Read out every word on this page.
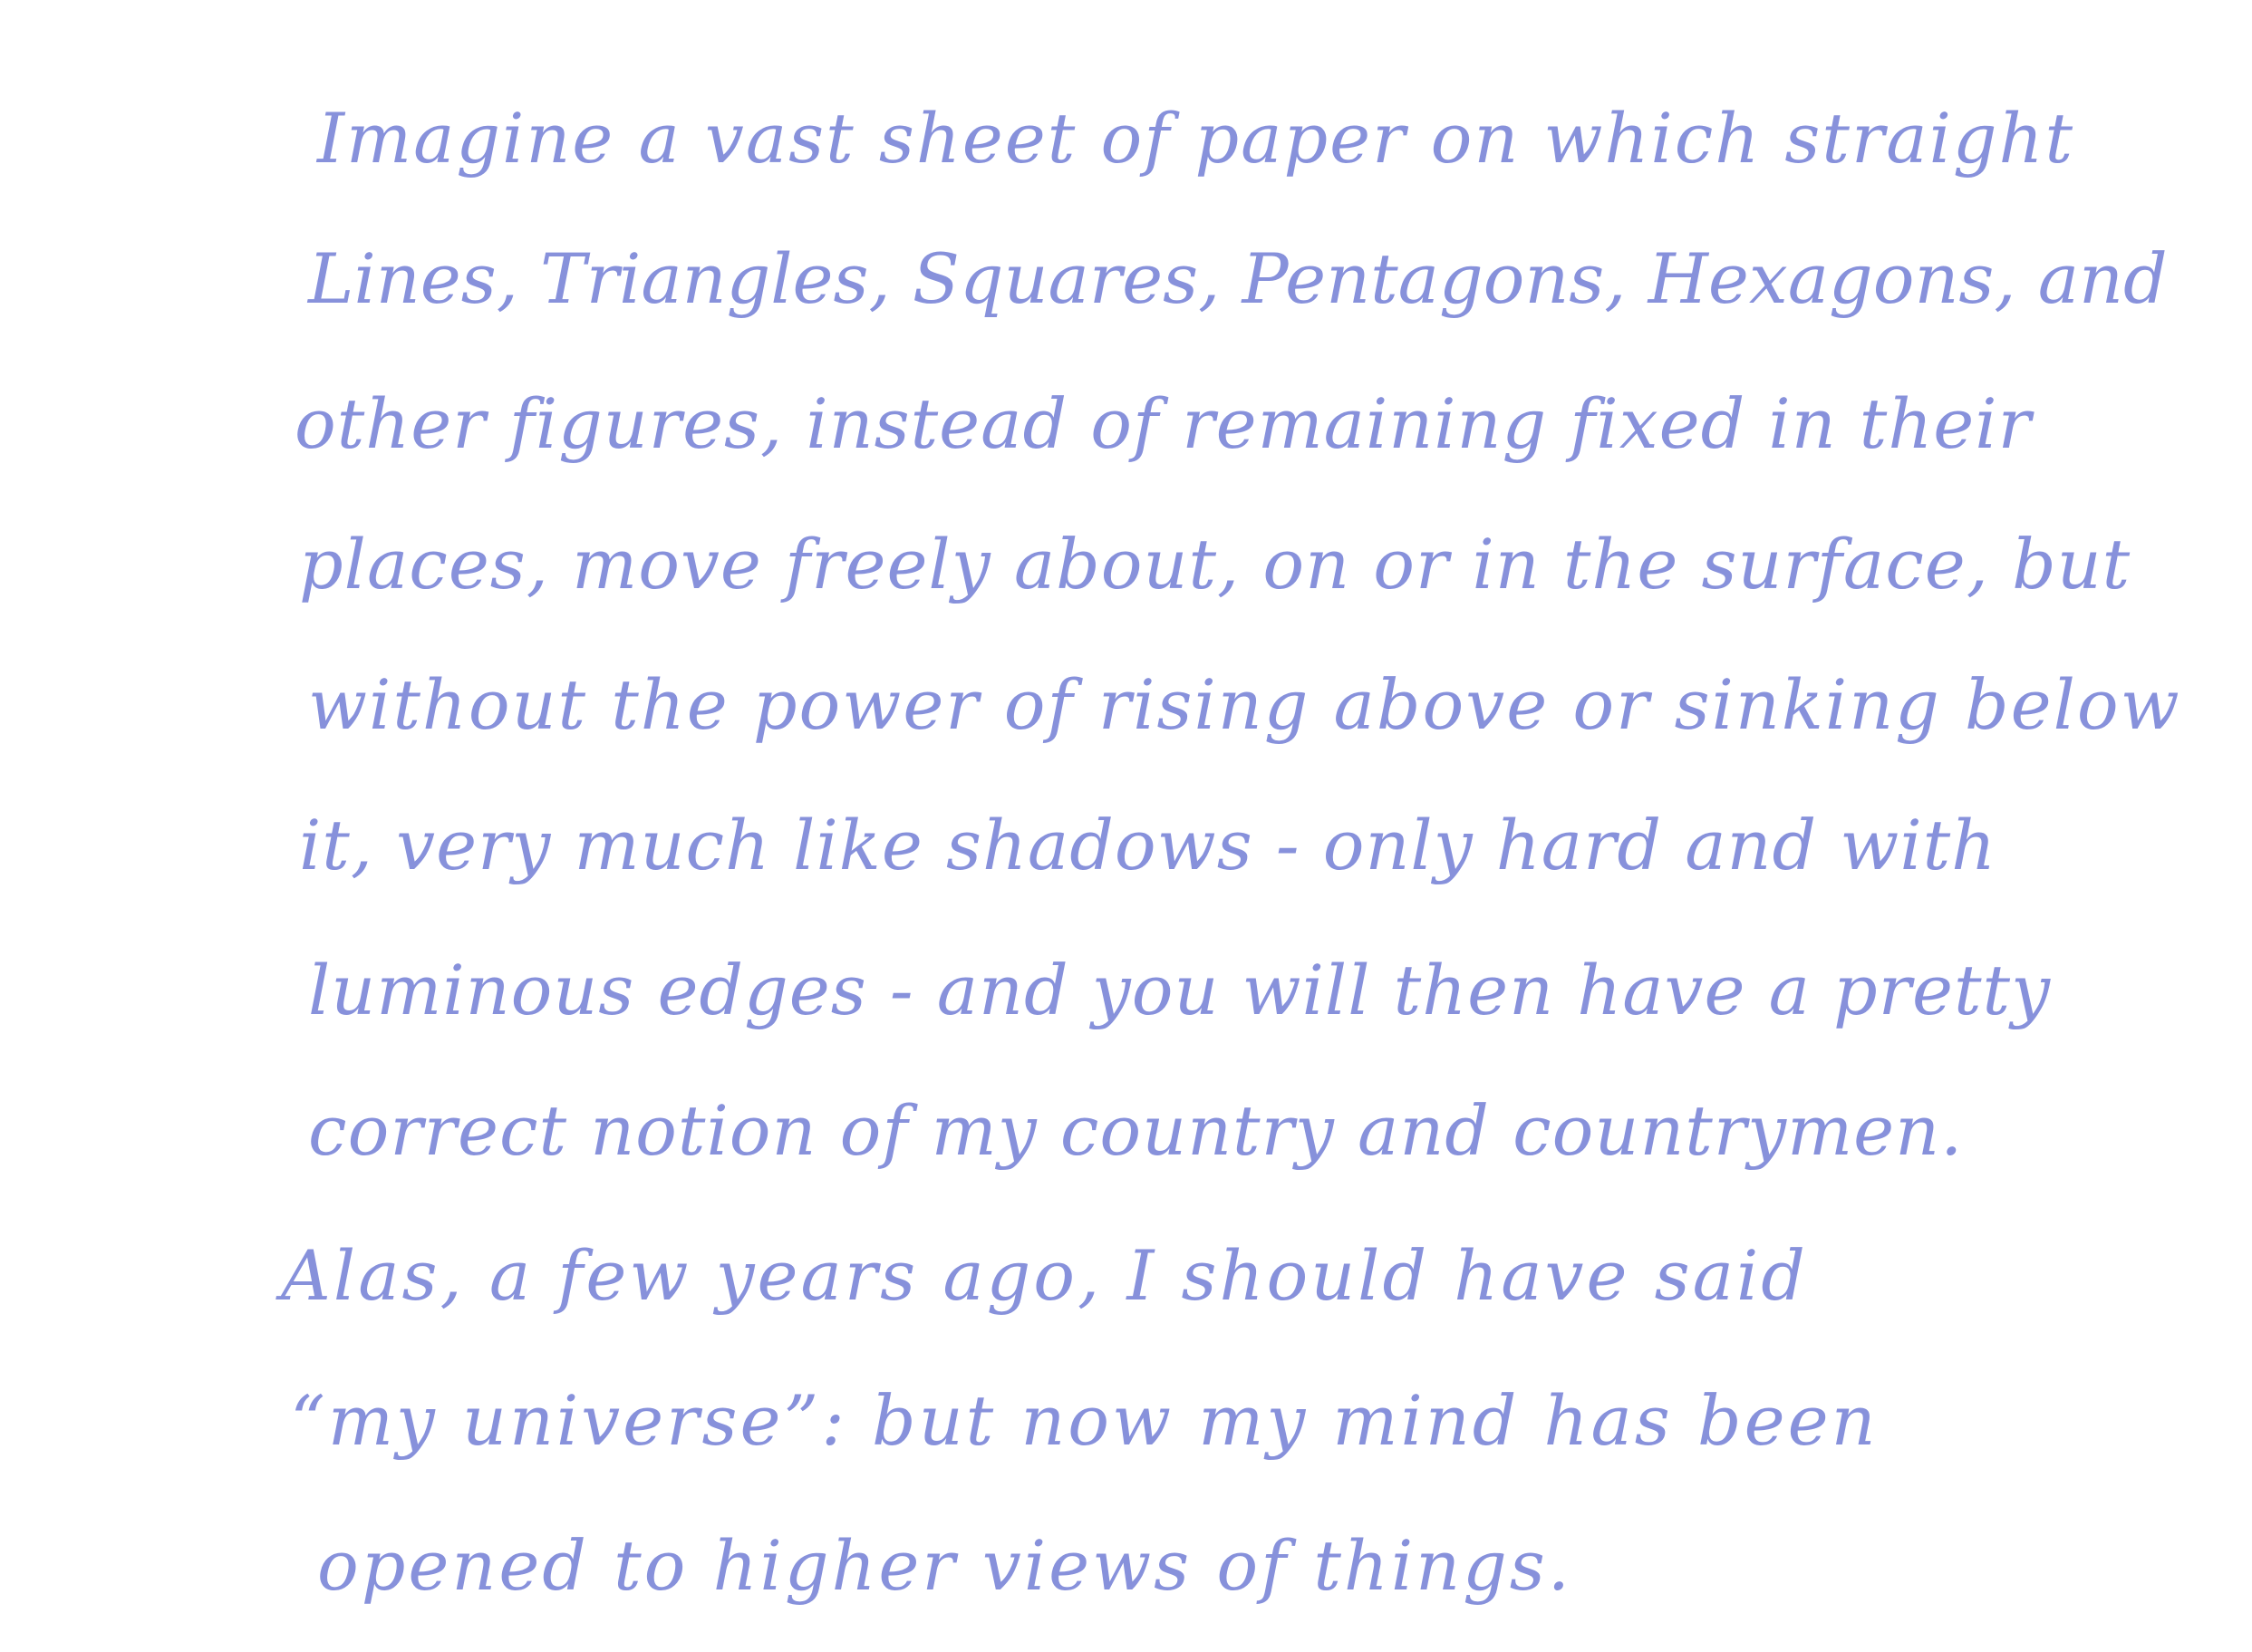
Imagine a vast sheet of paper on which straight
Lines, Triangles, Squares, Pentagons, Hexagons, and
other figures, instead of remaining fixed in their
places, move freely about, on or in the surface, but
without the power of rising above or sinking below
it, very much like shadows - only hard and with
luminous edges - and you will then have a pretty
correct notion of my country and countrymen.
Alas, a few years ago, I should have said
“my universe”: but now my mind has been
opened to higher views of things.
